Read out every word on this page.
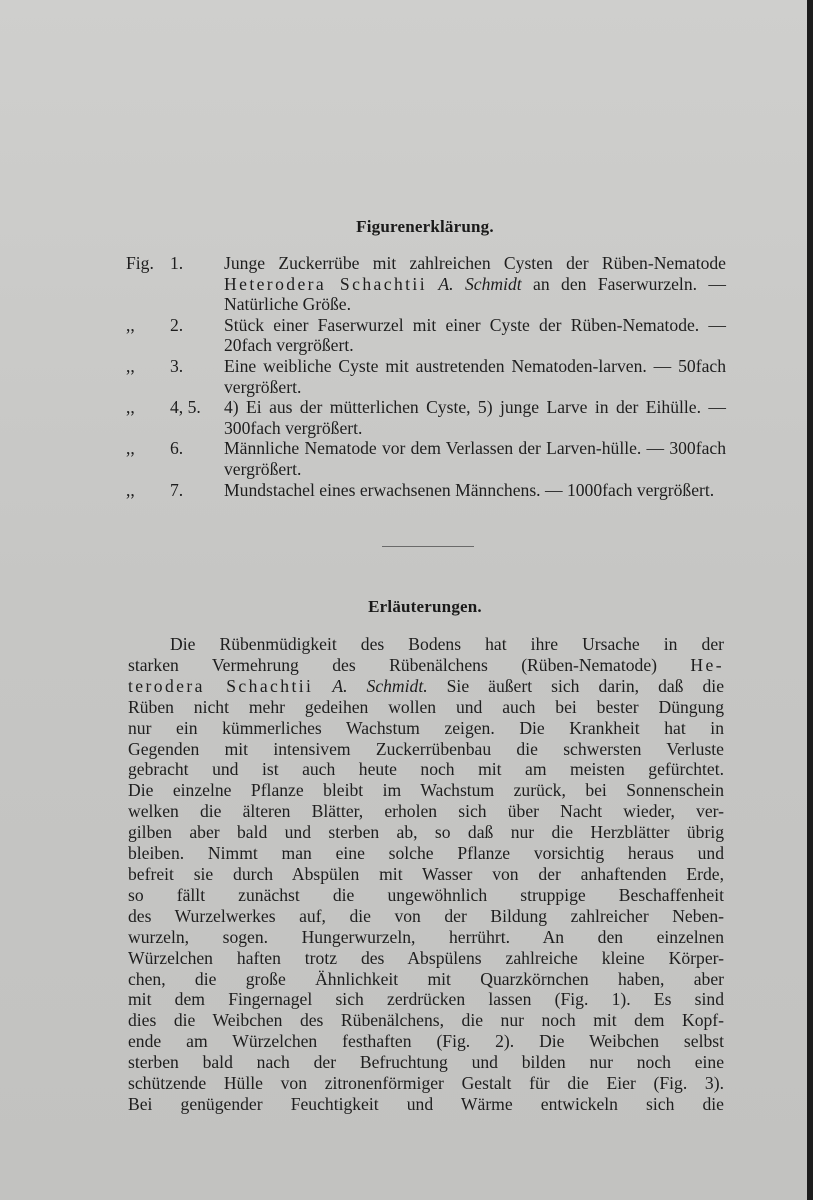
Figurenerklärung.
Fig. 1.	Junge Zuckerrübe mit zahlreichen Cysten der Rüben-Nematode Heterodera Schachtii A. Schmidt an den Faserwurzeln. — Natürliche Größe.
,,	2.	Stück einer Faserwurzel mit einer Cyste der Rüben-Nematode. — 20fach vergrößert.
,,	3.	Eine weibliche Cyste mit austretenden Nematoden-larven. — 50fach vergrößert.
,,	4, 5.	4) Ei aus der mütterlichen Cyste, 5) junge Larve in der Eihülle. — 300fach vergrößert.
,,	6.	Männliche Nematode vor dem Verlassen der Larven-hülle. — 300fach vergrößert.
,,	7.	Mundstachel eines erwachsenen Männchens. — 1000fach vergrößert.
Erläuterungen.

Die Rübenmüdigkeit des Bodens hat ihre Ursache in der
starken Vermehrung des Rübenälchens (Rüben-Nematode) He-
terodera Schachtii A. Schmidt. Sie äußert sich darin, daß die
Rüben nicht mehr gedeihen wollen und auch bei bester Düngung
nur ein kümmerliches Wachstum zeigen. Die Krankheit hat in
Gegenden mit intensivem Zuckerrübenbau die schwersten Verluste
gebracht und ist auch heute noch mit am meisten gefürchtet.
Die einzelne Pflanze bleibt im Wachstum zurück, bei Sonnenschein
welken die älteren Blätter, erholen sich über Nacht wieder, ver-
gilben aber bald und sterben ab, so daß nur die Herzblätter übrig
bleiben. Nimmt man eine solche Pflanze vorsichtig heraus und
befreit sie durch Abspülen mit Wasser von der anhaftenden Erde,
so fällt zunächst die ungewöhnlich struppige Beschaffenheit
des Wurzelwerkes auf, die von der Bildung zahlreicher Neben-
wurzeln, sogen. Hungerwurzeln, herrührt. An den einzelnen
Würzelchen haften trotz des Abspülens zahlreiche kleine Körper-
chen, die große Ähnlichkeit mit Quarzkörnchen haben, aber
mit dem Fingernagel sich zerdrücken lassen (Fig. 1). Es sind
dies die Weibchen des Rübenälchens, die nur noch mit dem Kopf-
ende am Würzelchen festhaften (Fig. 2). Die Weibchen selbst
sterben bald nach der Befruchtung und bilden nur noch eine
schützende Hülle von zitronenförmiger Gestalt für die Eier (Fig. 3).
Bei genügender Feuchtigkeit und Wärme entwickeln sich die
